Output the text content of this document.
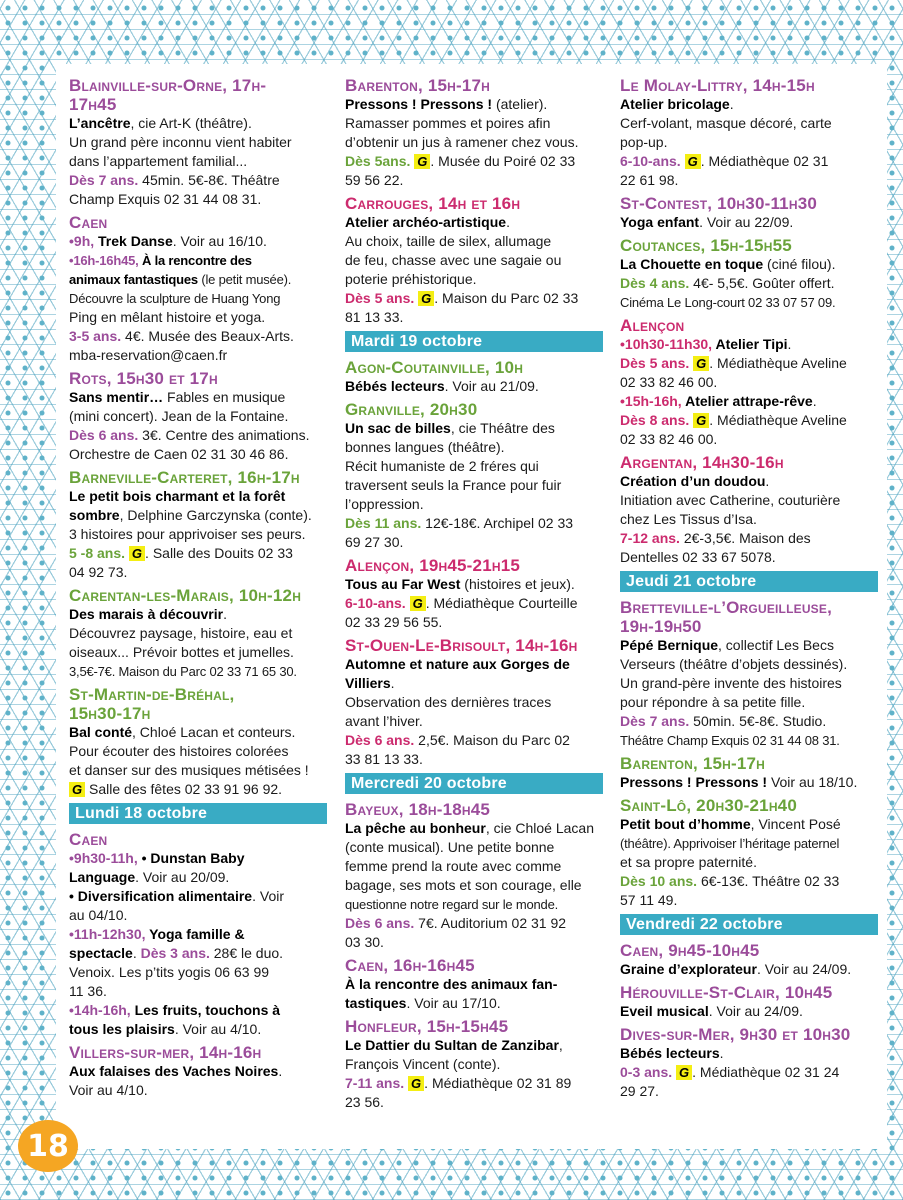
Blainville-sur-Orne, 17h-
17h45
L’ancêtre, cie Art-K (théâtre).
Un grand père inconnu vient habiter
dans l’appartement familial...
Dès 7 ans. 45min. 5€-8€. Théâtre
Champ Exquis 02 31 44 08 31.
Caen
•9h, Trek Danse. Voir au 16/10.
•16h-16h45, À la rencontre des
animaux fantastiques (le petit musée).
Découvre la sculpture de Huang Yong
Ping en mêlant histoire et yoga.
3-5 ans. 4€. Musée des Beaux-Arts.
mba-reservation@caen.fr
Rots, 15h30 et 17h
Sans mentir… Fables en musique
(mini concert). Jean de la Fontaine.
Dès 6 ans. 3€. Centre des animations.
Orchestre de Caen 02 31 30 46 86.
Barneville-Carteret, 16h-17h
Le petit bois charmant et la forêt
sombre, Delphine Garczynska (conte).
3 histoires pour apprivoiser ses peurs.
5 -8 ans. G . Salle des Douits 02 33
04 92 73.
Carentan-les-Marais, 10h-12h
Des marais à découvrir.
Découvrez paysage, histoire, eau et
oiseaux... Prévoir bottes et jumelles.
3,5€-7€. Maison du Parc 02 33 71 65 30.
St-Martin-de-Bréhal,
15h30-17h
Bal conté, Chloé Lacan et conteurs.
Pour écouter des histoires colorées
et danser sur des musiques métisées !
G Salle des fêtes 02 33 91 96 92.
Lundi 18 octobre
Caen
•9h30-11h, • Dunstan Baby
Language. Voir au 20/09.
• Diversification alimentaire. Voir
au 04/10.
•11h-12h30, Yoga famille &
spectacle. Dès 3 ans. 28€ le duo.
Venoix. Les p’tits yogis 06 63 99
11 36.
•14h-16h, Les fruits, touchons à
tous les plaisirs. Voir au 4/10.
Villers-sur-mer, 14h-16h
Aux falaises des Vaches Noires.
Voir au 4/10.
Barenton, 15h-17h
Pressons ! Pressons ! (atelier).
Ramasser pommes et poires afin
d’obtenir un jus à ramener chez vous.
Dès 5ans. G . Musée du Poiré 02 33
59 56 22.
Carrouges, 14h et 16h
Atelier archéo-artistique.
Au choix, taille de silex, allumage
de feu, chasse avec une sagaie ou
poterie préhistorique.
Dès 5 ans. G . Maison du Parc 02 33
81 13 33.
Mardi 19 octobre
Agon-Coutainville, 10h
Bébés lecteurs. Voir au 21/09.
Granville, 20h30
Un sac de billes, cie Théâtre des
bonnes langues (théâtre).
Récit humaniste de 2 fréres qui
traversent seuls la France pour fuir
l’oppression.
Dès 11 ans. 12€-18€. Archipel 02 33
69 27 30.
Alençon, 19h45-21h15
Tous au Far West (histoires et jeux).
6-10-ans. G . Médiathèque Courteille
02 33 29 56 55.
St-Ouen-Le-Brisoult, 14h-16h
Automne et nature aux Gorges de
Villiers.
Observation des dernières traces
avant l’hiver.
Dès 6 ans. 2,5€. Maison du Parc 02
33 81 13 33.
Mercredi 20 octobre
Bayeux, 18h-18h45
La pêche au bonheur, cie Chloé Lacan
(conte musical). Une petite bonne
femme prend la route avec comme
bagage, ses mots et son courage, elle
questionne notre regard sur le monde.
Dès 6 ans. 7€. Auditorium 02 31 92
03 30.
Caen, 16h-16h45
À la rencontre des animaux fan-
tastiques. Voir au 17/10.
Honfleur, 15h-15h45
Le Dattier du Sultan de Zanzibar,
François Vincent (conte).
7-11 ans. G . Médiathèque 02 31 89
23 56.
Le Molay-Littry, 14h-15h
Atelier bricolage.
Cerf-volant, masque décoré, carte
pop-up.
6-10-ans. G . Médiathèque 02 31
22 61 98.
St-Contest, 10h30-11h30
Yoga enfant. Voir au 22/09.
Coutances, 15h-15h55
La Chouette en toque (ciné filou).
Dès 4 ans. 4€- 5,5€. Goûter offert.
Cinéma Le Long-court 02 33 07 57 09.
Alençon
•10h30-11h30, Atelier Tipi.
Dès 5 ans. G . Médiathèque Aveline
02 33 82 46 00.
•15h-16h, Atelier attrape-rêve.
Dès 8 ans. G . Médiathèque Aveline
02 33 82 46 00.
Argentan, 14h30-16h
Création d’un doudou.
Initiation avec Catherine, couturière
chez Les Tissus d’Isa.
7-12 ans. 2€-3,5€. Maison des
Dentelles 02 33 67 5078.
Jeudi 21 octobre
Bretteville-l’Orgueilleuse,
19h-19h50
Pépé Bernique, collectif Les Becs
Verseurs (théâtre d’objets dessinés).
Un grand-père invente des histoires
pour répondre à sa petite fille.
Dès 7 ans. 50min. 5€-8€. Studio.
Théâtre Champ Exquis 02 31 44 08 31.
Barenton, 15h-17h
Pressons ! Pressons ! Voir au 18/10.
Saint-Lô, 20h30-21h40
Petit bout d’homme, Vincent Posé
(théâtre). Apprivoiser l’héritage paternel
et sa propre paternité.
Dès 10 ans. 6€-13€. Théâtre 02 33
57 11 49.
Vendredi 22 octobre
Caen, 9h45-10h45
Graine d’explorateur. Voir au 24/09.
Hérouville-St-Clair, 10h45
Eveil musical. Voir au 24/09.
Dives-sur-Mer, 9h30 et 10h30
Bébés lecteurs.
0-3 ans. G . Médiathèque 02 31 24
29 27.
18
